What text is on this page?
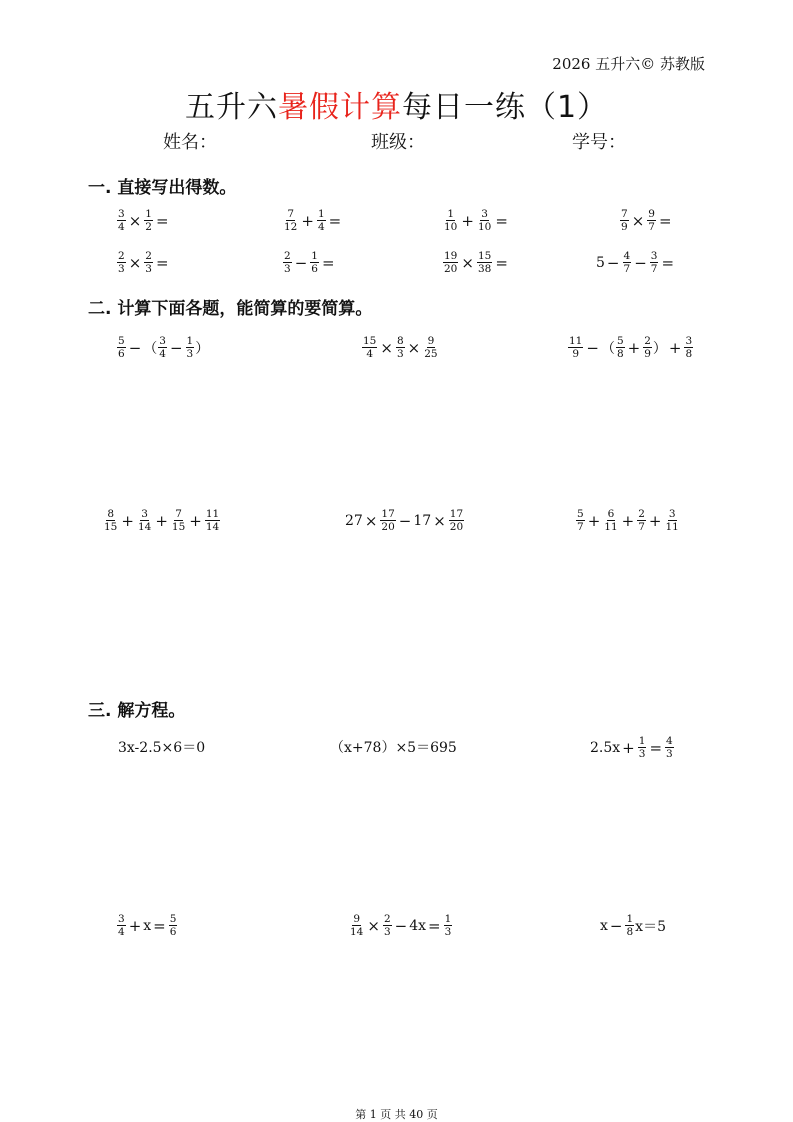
2026 五升六© 苏教版
五升六暑假计算每日一练（1）
姓名：	班级：	学号：
一. 直接写出得数。
$\frac{3}{4} \times \frac{1}{2}$ =	$\frac{7}{12} + \frac{1}{4}$ =	$\frac{1}{10} + \frac{3}{10}$ =	$\frac{7}{9} \times \frac{9}{7}$ =
$\frac{2}{3} \times \frac{2}{3}$ =	$\frac{2}{3} - \frac{1}{6}$ =	$\frac{19}{20} \times \frac{15}{38}$ =	$5 - \frac{4}{7} - \frac{3}{7}$ =
二. 计算下面各题，能简算的要简算。
$\frac{5}{6}$ − （ $\frac{3}{4} - \frac{1}{3}$ ）	$\frac{15}{4} \times \frac{8}{3} \times \frac{9}{25}$	$\frac{11}{9}$ − （ $\frac{5}{8} + \frac{2}{9}$ ） + $\frac{3}{8}$
$\frac{8}{15} + \frac{3}{14} + \frac{7}{15} + \frac{11}{14}$	$27 \times \frac{17}{20} - 17 \times \frac{17}{20}$	$\frac{5}{7} + \frac{6}{11} + \frac{2}{7} + \frac{3}{11}$
三. 解方程。
3x-2.5×6＝0	（x+78）×5＝695	$2.5x + \frac{1}{3} = \frac{4}{3}$
$\frac{3}{4} + x = \frac{5}{6}$	$\frac{9}{14} \times \frac{2}{3} - 4x = \frac{1}{3}$	$x - \frac{1}{8} x=5$
第 1 页 共 40 页
